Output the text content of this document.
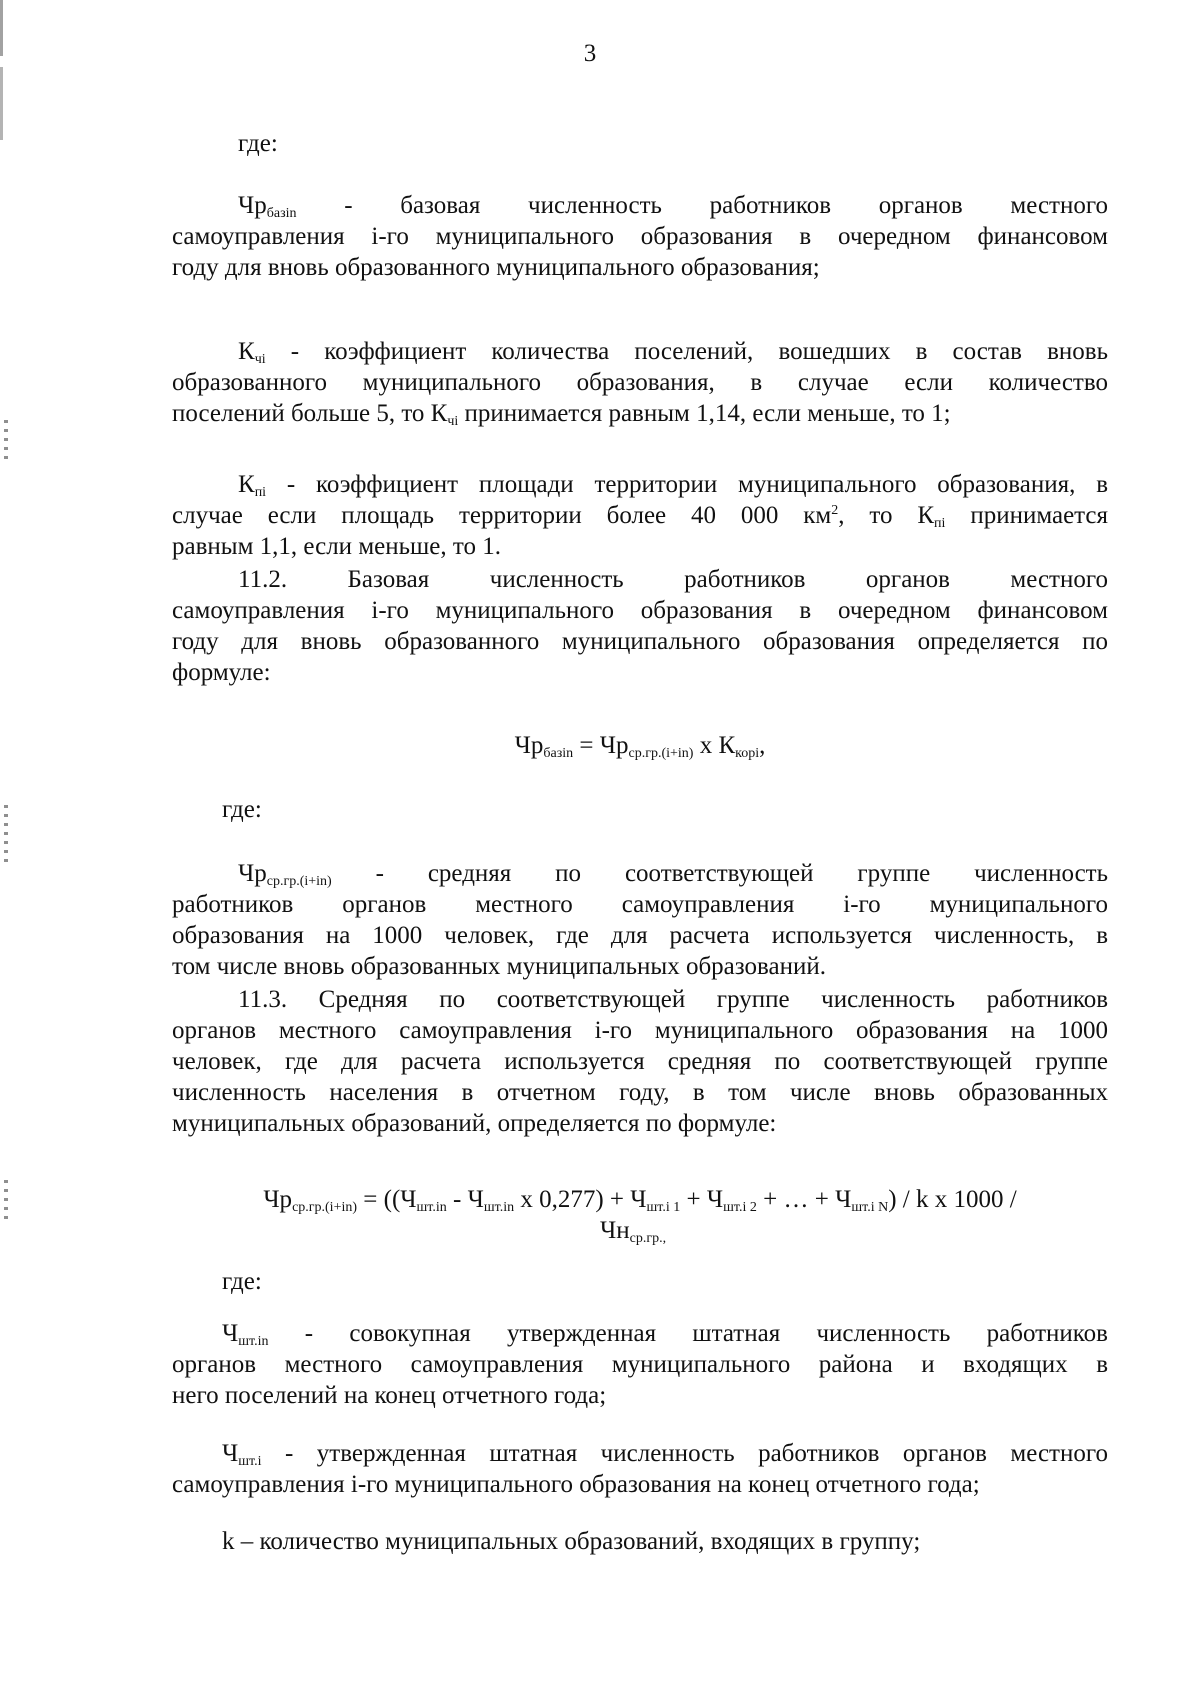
3
где:
$Чр_{базin}$ - базовая численность работников органов местного
самоуправления i-го муниципального образования в очередном финансовом
году для вновь образованного муниципального образования;
$К_{чi}$ - коэффициент количества поселений, вошедших в состав вновь
образованного муниципального образования, в случае если количество
поселений больше 5, то $К_{чi}$ принимается равным 1,14, если меньше, то 1;
$К_{пi}$ - коэффициент площади территории муниципального образования, в
случае если площадь территории более 40 000 $км^2$, то $К_{пi}$ принимается
равным 1,1, если меньше, то 1.
11.2. Базовая численность работников органов местного
самоуправления i-го муниципального образования в очередном финансовом
году для вновь образованного муниципального образования определяется по
формуле:
$Чр_{базin} = Чр_{ср.гр.(i+in)}$ х $К_{корi}$,
где:
$Чр_{ср.гр.(i+in)}$ - средняя по соответствующей группе численность
работников органов местного самоуправления i-го муниципального
образования на 1000 человек, где для расчета используется численность, в
том числе вновь образованных муниципальных образований.
11.3. Средняя по соответствующей группе численность работников
органов местного самоуправления i-го муниципального образования на 1000
человек, где для расчета используется средняя по соответствующей группе
численность населения в отчетном году, в том числе вновь образованных
муниципальных образований, определяется по формуле:
$Чр_{ср.гр.(i+in)} = ((Ч_{шт.in} - Ч_{шт.in}$ х $0,277) + Ч_{шт.i 1} + Ч_{шт.i 2}$ + … + $Ч_{шт.i N}$) / k х 1000 /
$Чн_{ср.гр.,}$
где:
$Ч_{шт.in}$ - совокупная утвержденная штатная численность работников
органов местного самоуправления муниципального района и входящих в
него поселений на конец отчетного года;
$Ч_{шт.i}$ - утвержденная штатная численность работников органов местного
самоуправления i-го муниципального образования на конец отчетного года;
k – количество муниципальных образований, входящих в группу;
